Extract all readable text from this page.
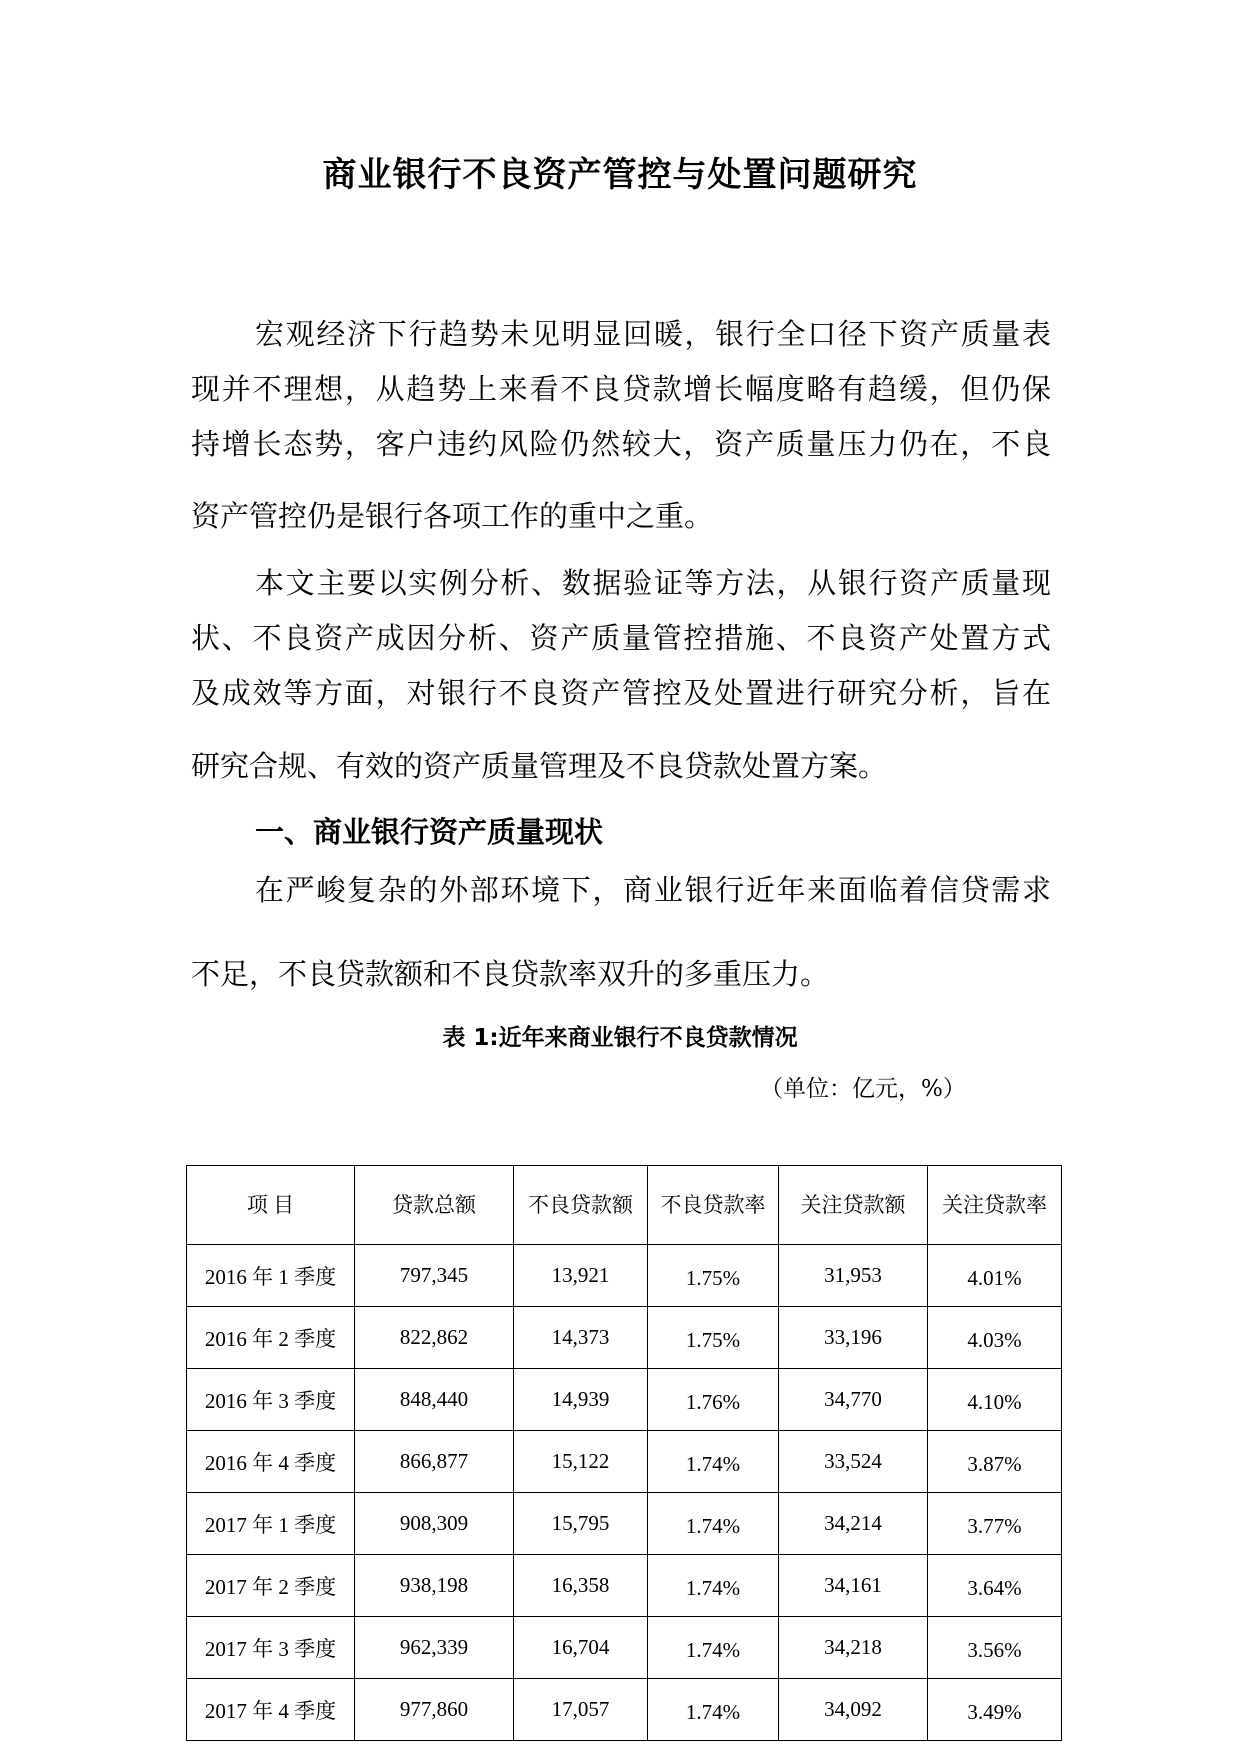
商业银行不良资产管控与处置问题研究

宏观经济下行趋势未见明显回暖，银行全口径下资产质量表

现并不理想，从趋势上来看不良贷款增长幅度略有趋缓，但仍保

持增长态势，客户违约风险仍然较大，资产质量压力仍在，不良

资产管控仍是银行各项工作的重中之重。

本文主要以实例分析、数据验证等方法，从银行资产质量现

状、不良资产成因分析、资产质量管控措施、不良资产处置方式

及成效等方面，对银行不良资产管控及处置进行研究分析，旨在

研究合规、有效的资产质量管理及不良贷款处置方案。

一、商业银行资产质量现状

在严峻复杂的外部环境下，商业银行近年来面临着信贷需求

不足，不良贷款额和不良贷款率双升的多重压力。

表 1:近年来商业银行不良贷款情况

（单位：亿元，%）

项 目	贷款总额	不良贷款额	不良贷款率	关注贷款额	关注贷款率
2016 年 1 季度	797,345	13,921	1.75%	31,953	4.01%
2016 年 2 季度	822,862	14,373	1.75%	33,196	4.03%
2016 年 3 季度	848,440	14,939	1.76%	34,770	4.10%
2016 年 4 季度	866,877	15,122	1.74%	33,524	3.87%
2017 年 1 季度	908,309	15,795	1.74%	34,214	3.77%
2017 年 2 季度	938,198	16,358	1.74%	34,161	3.64%
2017 年 3 季度	962,339	16,704	1.74%	34,218	3.56%
2017 年 4 季度	977,860	17,057	1.74%	34,092	3.49%
